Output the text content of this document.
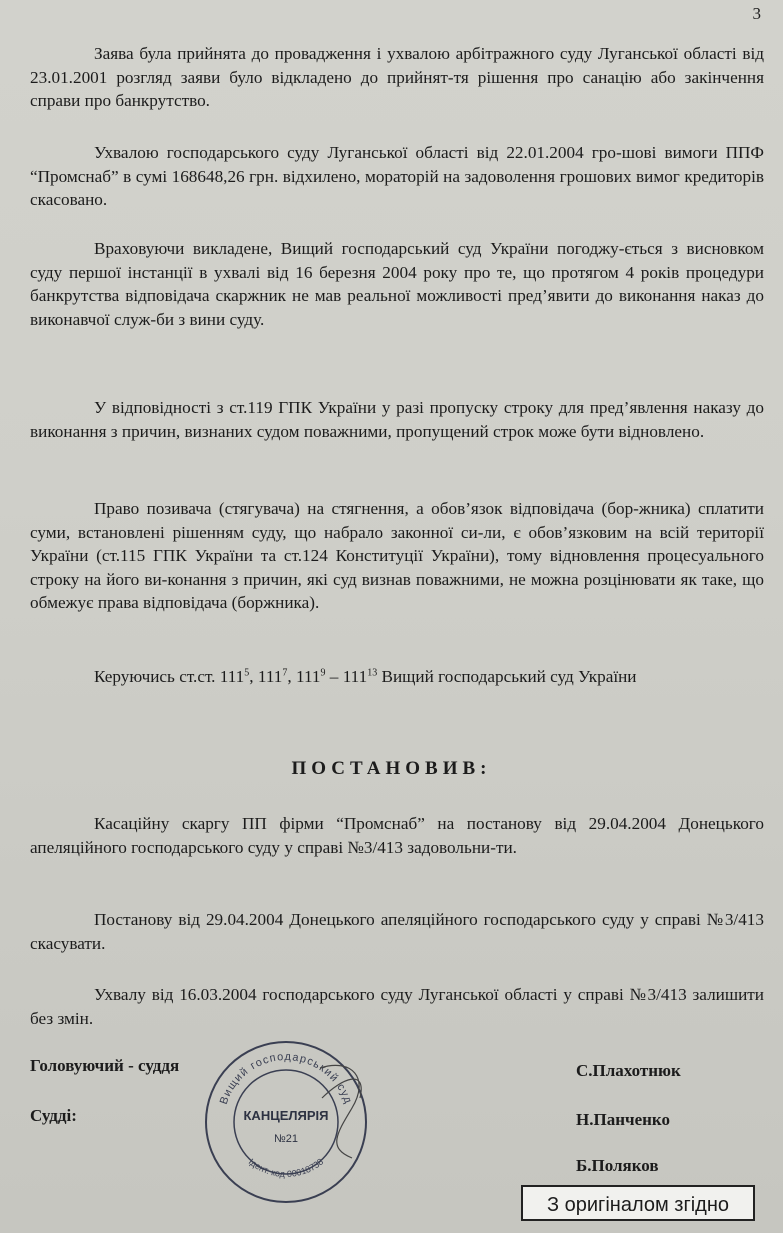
3

Заява була прийнята до провадження і ухвалою арбітражного суду Луганської області від 23.01.2001 розгляд заяви було відкладено до прийнят-тя рішення про санацію або закінчення справи про банкрутство.

Ухвалою господарського суду Луганської області від 22.01.2004 гро-шові вимоги ППФ “Промснаб” в сумі 168648,26 грн. відхилено, мораторій на задоволення грошових вимог кредиторів скасовано.

Враховуючи викладене, Вищий господарський суд України погоджу-ється з висновком суду першої інстанції в ухвалі від 16 березня 2004 року про те, що протягом 4 років процедури банкрутства відповідача скаржник не мав реальної можливості пред’явити до виконання наказ до виконавчої служ-би з вини суду.

У відповідності з ст.119 ГПК України у разі пропуску строку для пред’явлення наказу до виконання з причин, визнаних судом поважними, пропущений строк може бути відновлено.

Право позивача (стягувача) на стягнення, а обов’язок відповідача (бор-жника) сплатити суми, встановлені рішенням суду, що набрало законної си-ли, є обов’язковим на всій території України (ст.115 ГПК України та ст.124 Конституції України), тому відновлення процесуального строку на його ви-конання з причин, які суд визнав поважними, не можна розцінювати як таке, що обмежує права відповідача (боржника).

Керуючись ст.ст. $111^5$, $111^7$, $111^9 - 111^{13}$ Вищий господарський суд України

ПОСТАНОВИВ:

Касаційну скаргу ПП фірми “Промснаб” на постанову від 29.04.2004 Донецького апеляційного господарського суду у справі №3/413 задовольни-ти.

Постанову від 29.04.2004 Донецького апеляційного господарського суду у справі №3/413 скасувати.

Ухвалу від 16.03.2004 господарського суду Луганської області у справі №3/413 залишити без змін.

Головуючий - суддя
Судді:
С.Плахотнюк
Н.Панченко
Б.Поляков
Вищий господарський суд
Ідент. код 00018738
КАНЦЕЛЯРІЯ
№21
З оригіналом згідно
